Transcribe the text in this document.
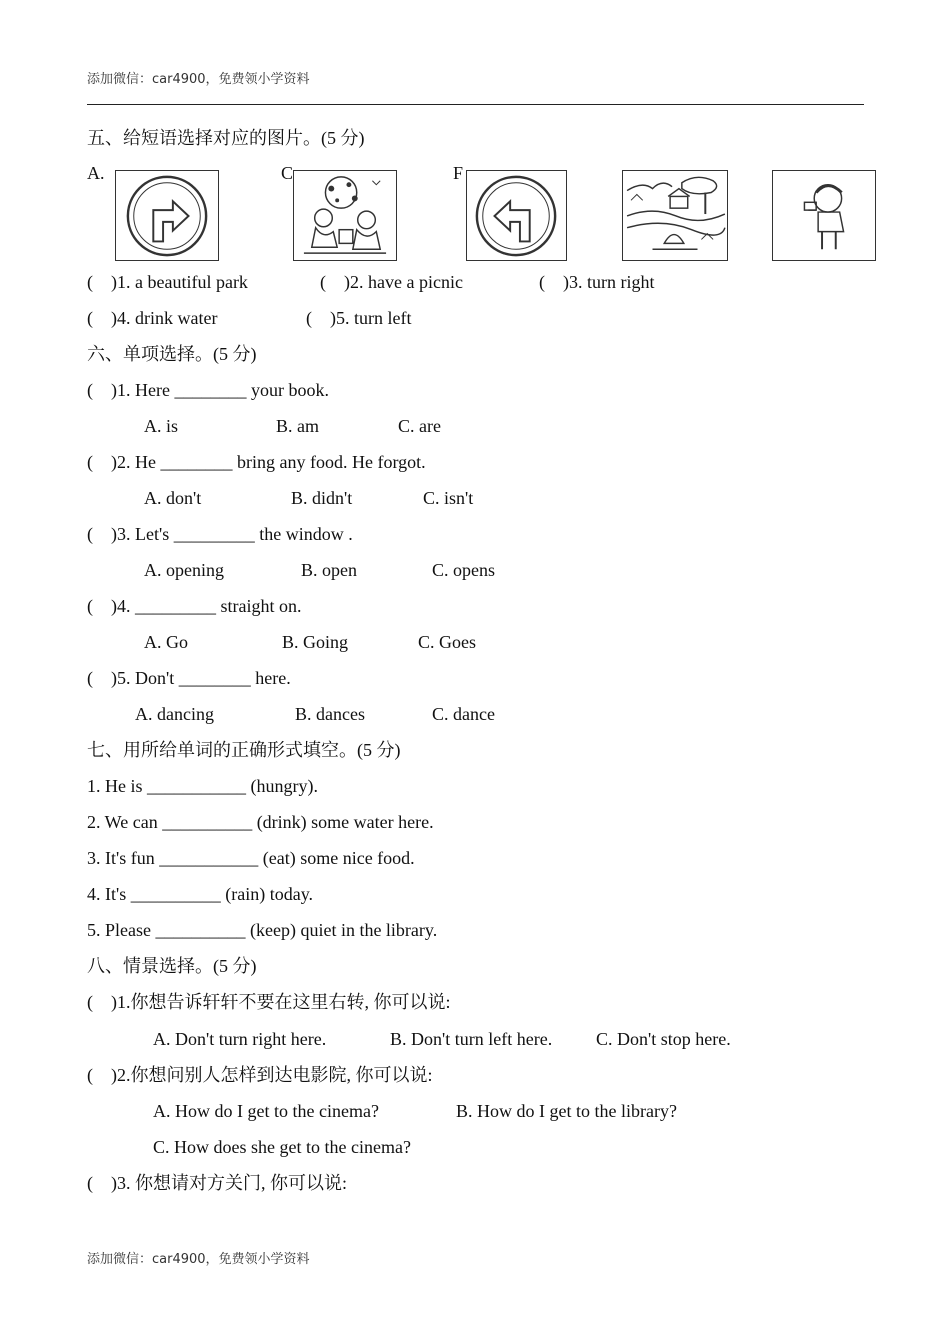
添加微信：car4900，免费领小学资料
五、给短语选择对应的图片。(5 分)
A.	C	F
(    )1. a beautiful park	(    )2. have a picnic	(    )3. turn right
(    )4. drink water	(    )5. turn left
六、单项选择。(5 分)
(    )1. Here ________ your book.
A. is	B. am	C. are
(    )2. He ________ bring any food. He forgot.
A. don't	B. didn't	C. isn't
(    )3. Let's _________ the window .
A. opening	B. open	C. opens
(    )4. _________ straight on.
A. Go	B. Going	C. Goes
(    )5. Don't ________ here.
A. dancing	B. dances	C. dance
七、用所给单词的正确形式填空。(5 分)
1. He is ___________ (hungry).
2. We can __________ (drink) some water here.
3. It's fun ___________ (eat) some nice food.
4. It's __________ (rain) today.
5. Please __________ (keep) quiet in the library.
八、情景选择。(5 分)
(    )1.你想告诉轩轩不要在这里右转, 你可以说:
A. Don't turn right here.	B. Don't turn left here. C. Don't stop here.
(    )2.你想问别人怎样到达电影院, 你可以说:
A. How do I get to the cinema?	B. How do I get to the library?
C. How does she get to the cinema?
(    )3. 你想请对方关门, 你可以说:
添加微信：car4900，免费领小学资料
